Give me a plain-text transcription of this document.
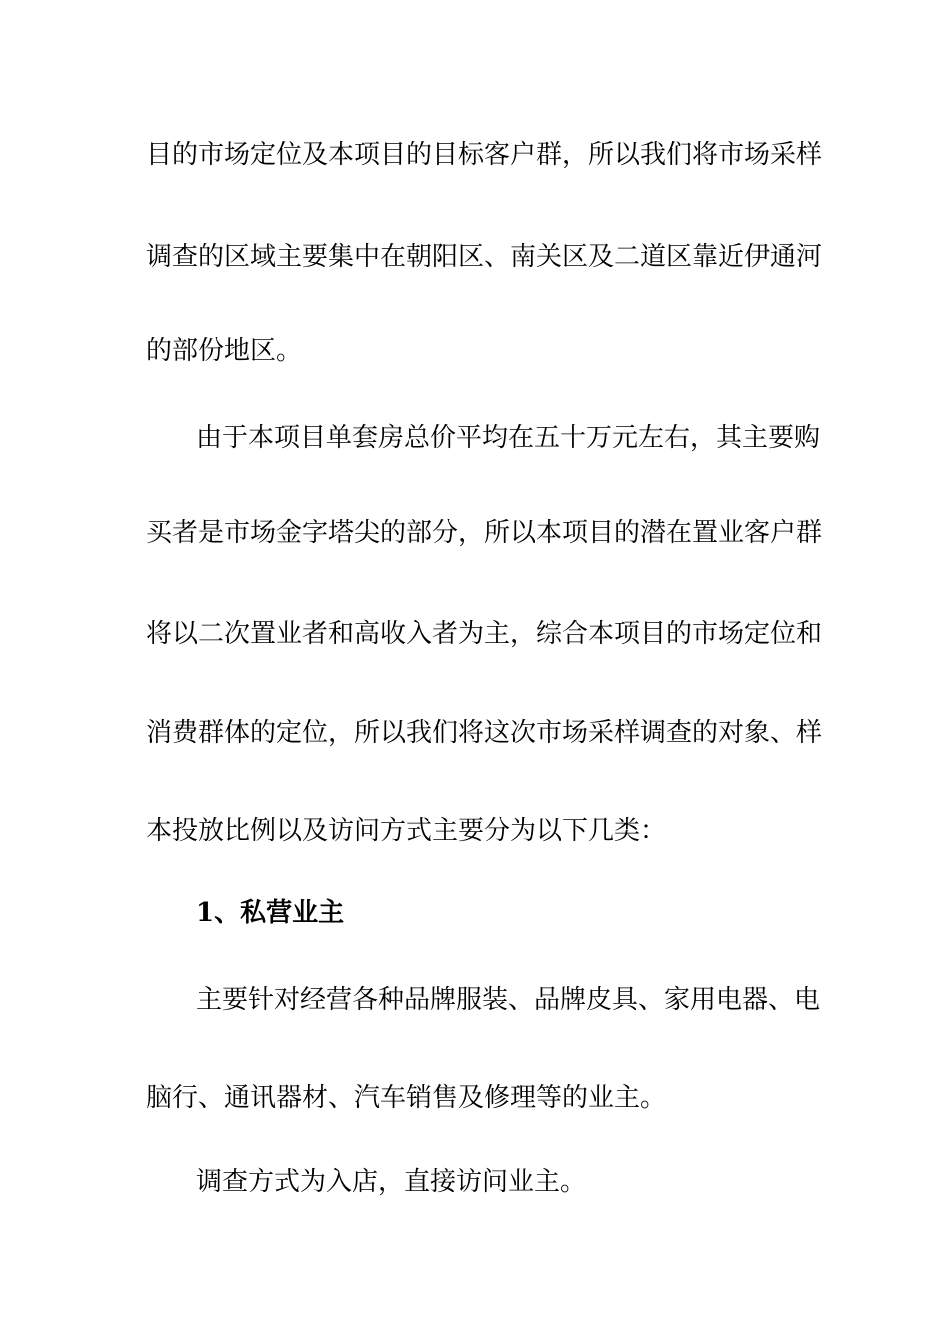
目的市场定位及本项目的目标客户群，所以我们将市场采样
调查的区域主要集中在朝阳区、南关区及二道区靠近伊通河
的部份地区。
由于本项目单套房总价平均在五十万元左右，其主要购
买者是市场金字塔尖的部分，所以本项目的潜在置业客户群
将以二次置业者和高收入者为主，综合本项目的市场定位和
消费群体的定位，所以我们将这次市场采样调查的对象、样
本投放比例以及访问方式主要分为以下几类：
1、私营业主
主要针对经营各种品牌服装、品牌皮具、家用电器、电
脑行、通讯器材、汽车销售及修理等的业主。
调查方式为入店，直接访问业主。
